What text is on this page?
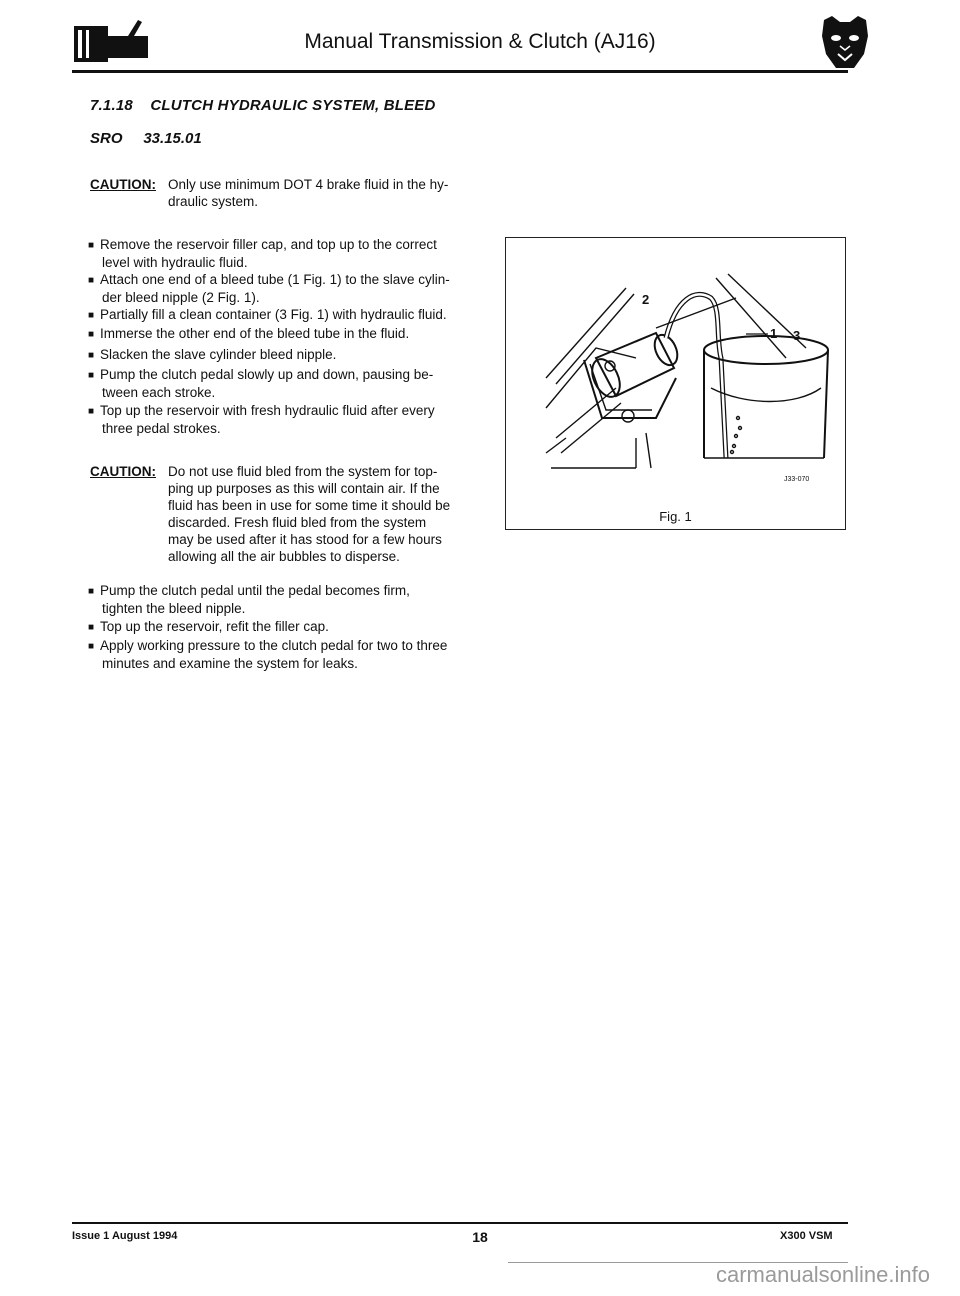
Manual Transmission & Clutch (AJ16)
7.1.18    CLUTCH HYDRAULIC SYSTEM, BLEED
SRO     33.15.01
CAUTION: Only use minimum DOT 4 brake fluid in the hy-
draulic system.
■ Remove the reservoir filler cap, and top up to the correct
level with hydraulic fluid.
■ Attach one end of a bleed tube (1 Fig. 1) to the slave cylin-
der bleed nipple (2 Fig. 1).
■ Partially fill a clean container (3 Fig. 1) with hydraulic fluid.
■ Immerse the other end of the bleed tube in the fluid.
■ Slacken the slave cylinder bleed nipple.
■ Pump the clutch pedal slowly up and down, pausing be-
tween each stroke.
■ Top up the reservoir with fresh hydraulic fluid after every
three pedal strokes.
CAUTION: Do not use fluid bled from the system for top-
ping up purposes as this will contain air. If the
fluid has been in use for some time it should be
discarded. Fresh fluid bled from the system
may be used after it has stood for a few hours
allowing all the air bubbles to disperse.
■ Pump the clutch pedal until the pedal becomes firm,
tighten the bleed nipple.
■ Top up the reservoir, refit the filler cap.
■ Apply working pressure to the clutch pedal for two to three
minutes and examine the system for leaks.
2
1 3
J33-070
Fig. 1
Issue 1 August 1994	18	X300 VSM
carmanualsonline.info
